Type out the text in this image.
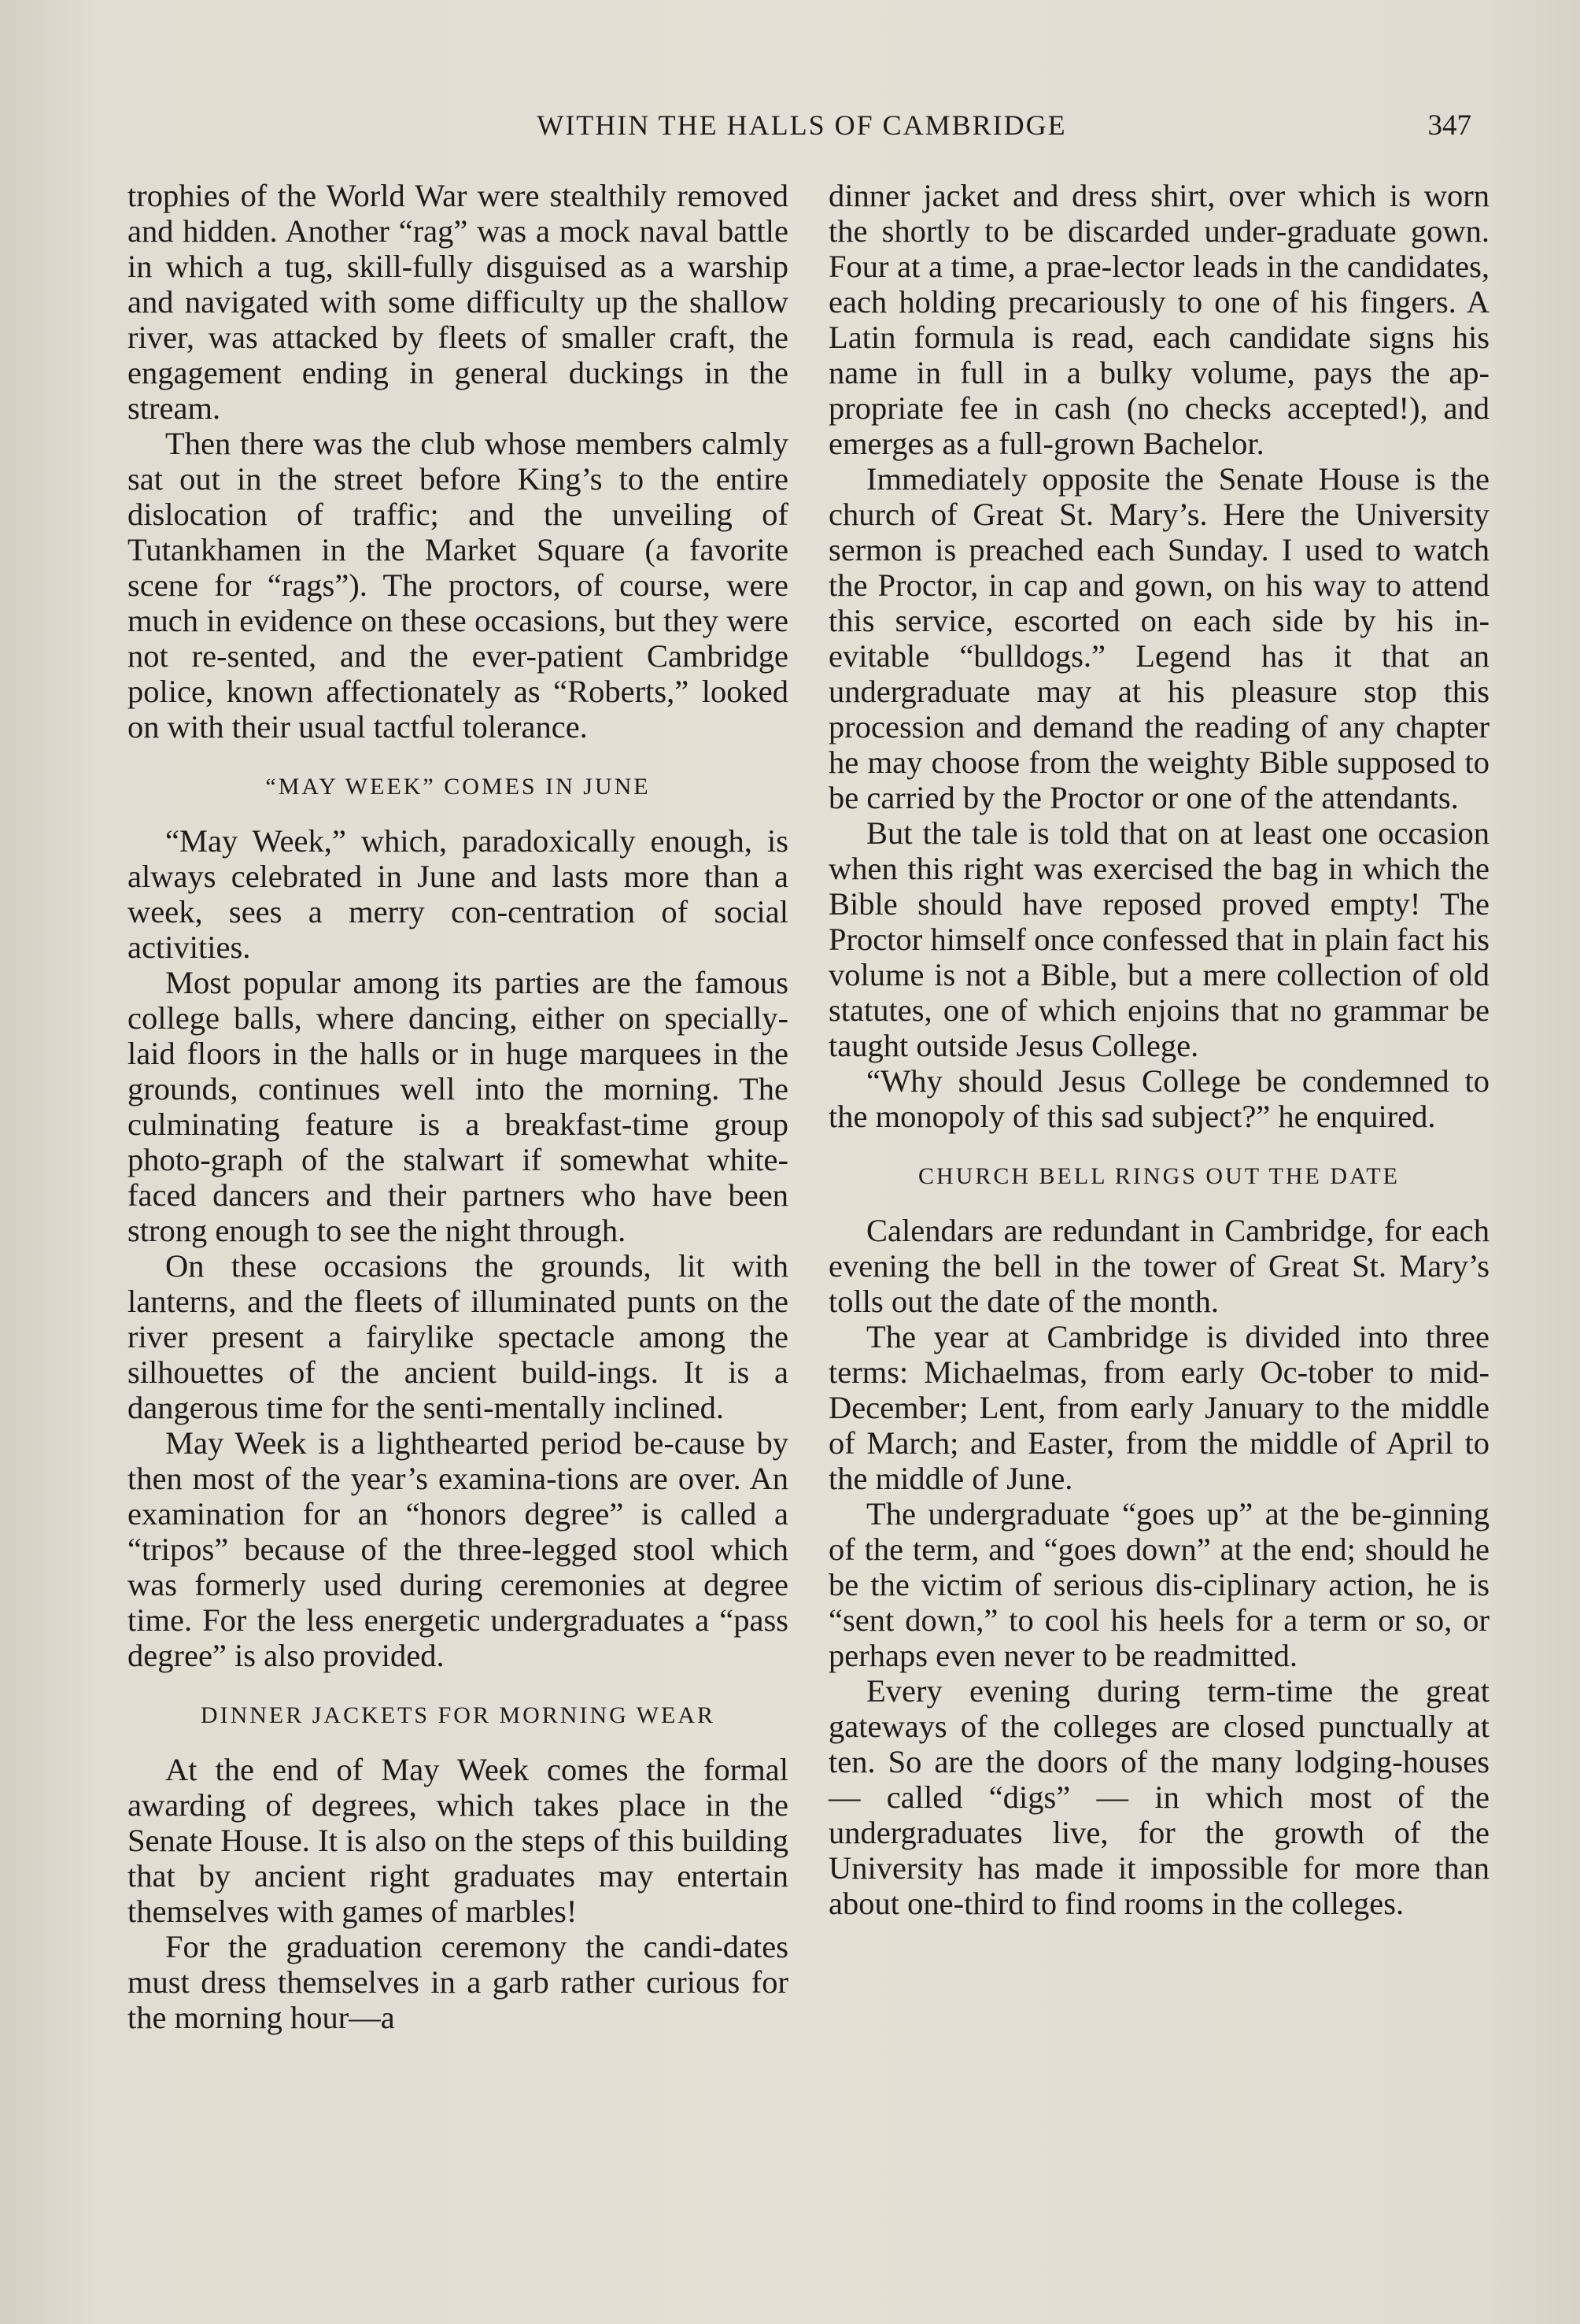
WITHIN THE HALLS OF CAMBRIDGE	347

trophies of the World War were stealthily removed and hidden. Another “rag” was a mock naval battle in which a tug, skill-fully disguised as a warship and navigated with some difficulty up the shallow river, was attacked by fleets of smaller craft, the engagement ending in general duckings in the stream.

Then there was the club whose members calmly sat out in the street before King’s to the entire dislocation of traffic; and the unveiling of Tutankhamen in the Market Square (a favorite scene for “rags”). The proctors, of course, were much in evidence on these occasions, but they were not re-sented, and the ever-patient Cambridge police, known affectionately as “Roberts,” looked on with their usual tactful tolerance.

“MAY WEEK” COMES IN JUNE

“May Week,” which, paradoxically enough, is always celebrated in June and lasts more than a week, sees a merry con-centration of social activities.

Most popular among its parties are the famous college balls, where dancing, either on specially-laid floors in the halls or in huge marquees in the grounds, continues well into the morning. The culminating feature is a breakfast-time group photo-graph of the stalwart if somewhat white-faced dancers and their partners who have been strong enough to see the night through.

On these occasions the grounds, lit with lanterns, and the fleets of illuminated punts on the river present a fairylike spectacle among the silhouettes of the ancient build-ings. It is a dangerous time for the senti-mentally inclined.

May Week is a lighthearted period be-cause by then most of the year’s examina-tions are over. An examination for an “honors degree” is called a “tripos” because of the three-legged stool which was formerly used during ceremonies at degree time. For the less energetic undergraduates a “pass degree” is also provided.

DINNER JACKETS FOR MORNING WEAR

At the end of May Week comes the formal awarding of degrees, which takes place in the Senate House. It is also on the steps of this building that by ancient right graduates may entertain themselves with games of marbles!

For the graduation ceremony the candi-dates must dress themselves in a garb rather curious for the morning hour—a

dinner jacket and dress shirt, over which is worn the shortly to be discarded under-graduate gown. Four at a time, a prae-lector leads in the candidates, each holding precariously to one of his fingers. A Latin formula is read, each candidate signs his name in full in a bulky volume, pays the ap-propriate fee in cash (no checks accepted!), and emerges as a full-grown Bachelor.

Immediately opposite the Senate House is the church of Great St. Mary’s. Here the University sermon is preached each Sunday. I used to watch the Proctor, in cap and gown, on his way to attend this service, escorted on each side by his in-evitable “bulldogs.” Legend has it that an undergraduate may at his pleasure stop this procession and demand the reading of any chapter he may choose from the weighty Bible supposed to be carried by the Proctor or one of the attendants.

But the tale is told that on at least one occasion when this right was exercised the bag in which the Bible should have reposed proved empty! The Proctor himself once confessed that in plain fact his volume is not a Bible, but a mere collection of old statutes, one of which enjoins that no grammar be taught outside Jesus College.

“Why should Jesus College be condemned to the monopoly of this sad subject?” he enquired.

CHURCH BELL RINGS OUT THE DATE

Calendars are redundant in Cambridge, for each evening the bell in the tower of Great St. Mary’s tolls out the date of the month.

The year at Cambridge is divided into three terms: Michaelmas, from early Oc-tober to mid-December; Lent, from early January to the middle of March; and Easter, from the middle of April to the middle of June.

The undergraduate “goes up” at the be-ginning of the term, and “goes down” at the end; should he be the victim of serious dis-ciplinary action, he is “sent down,” to cool his heels for a term or so, or perhaps even never to be readmitted.

Every evening during term-time the great gateways of the colleges are closed punctually at ten. So are the doors of the many lodging-houses — called “digs” — in which most of the undergraduates live, for the growth of the University has made it impossible for more than about one-third to find rooms in the colleges.
